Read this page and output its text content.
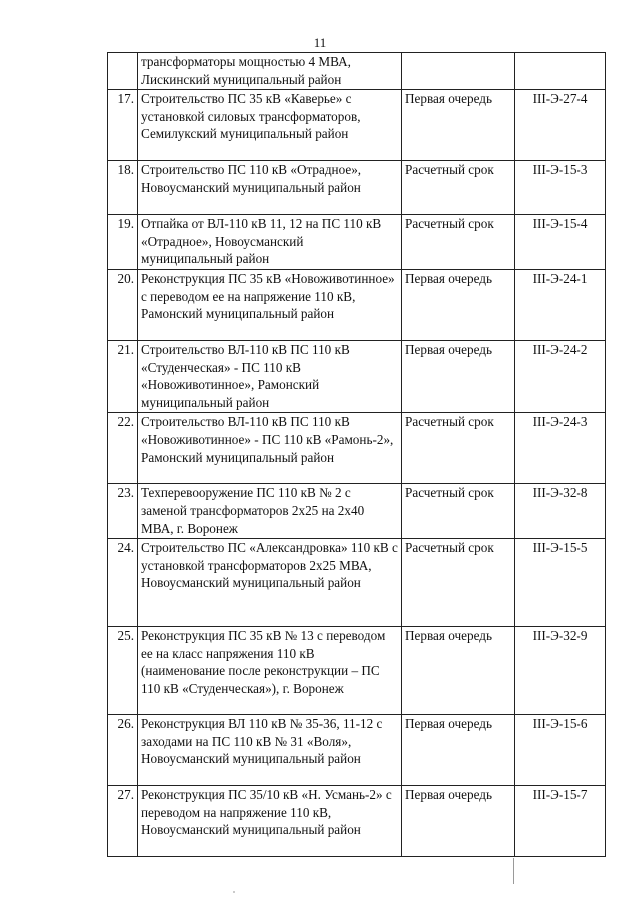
11
	трансформаторы мощностью 4 МВА, Лискинский муниципальный район		
17.	Строительство ПС 35 кВ «Каверье» с установкой силовых трансформаторов, Семилукский муниципальный район	Первая очередь	III-Э-27-4
18.	Строительство ПС 110 кВ «Отрадное», Новоусманский муниципальный район	Расчетный срок	III-Э-15-3
19.	Отпайка от ВЛ-110 кВ 11, 12 на ПС 110 кВ «Отрадное», Новоусманский муниципальный район	Расчетный срок	III-Э-15-4
20.	Реконструкция ПС 35 кВ «Новоживотинное» с переводом ее на напряжение 110 кВ, Рамонский муниципальный район	Первая очередь	III-Э-24-1
21.	Строительство ВЛ-110 кВ ПС 110 кВ «Студенческая» - ПС 110 кВ «Новоживотинное», Рамонский муниципальный район	Первая очередь	III-Э-24-2
22.	Строительство ВЛ-110 кВ ПС 110 кВ «Новоживотинное» - ПС 110 кВ «Рамонь-2», Рамонский муниципальный район	Расчетный срок	III-Э-24-3
23.	Техперевооружение ПС 110 кВ № 2 с заменой трансформаторов 2х25 на 2х40 МВА, г. Воронеж	Расчетный срок	III-Э-32-8
24.	Строительство ПС «Александровка» 110 кВ с установкой трансформаторов 2х25 МВА, Новоусманский муниципальный район	Расчетный срок	III-Э-15-5
25.	Реконструкция ПС 35 кВ № 13 с переводом ее на класс напряжения 110 кВ (наименование после реконструкции – ПС 110 кВ «Студенческая»), г. Воронеж	Первая очередь	III-Э-32-9
26.	Реконструкция ВЛ 110 кВ № 35-36, 11-12 с заходами на ПС 110 кВ № 31 «Воля», Новоусманский муниципальный район	Первая очередь	III-Э-15-6
27.	Реконструкция ПС 35/10 кВ «Н. Усмань-2» с переводом на напряжение 110 кВ, Новоусманский муниципальный район	Первая очередь	III-Э-15-7
